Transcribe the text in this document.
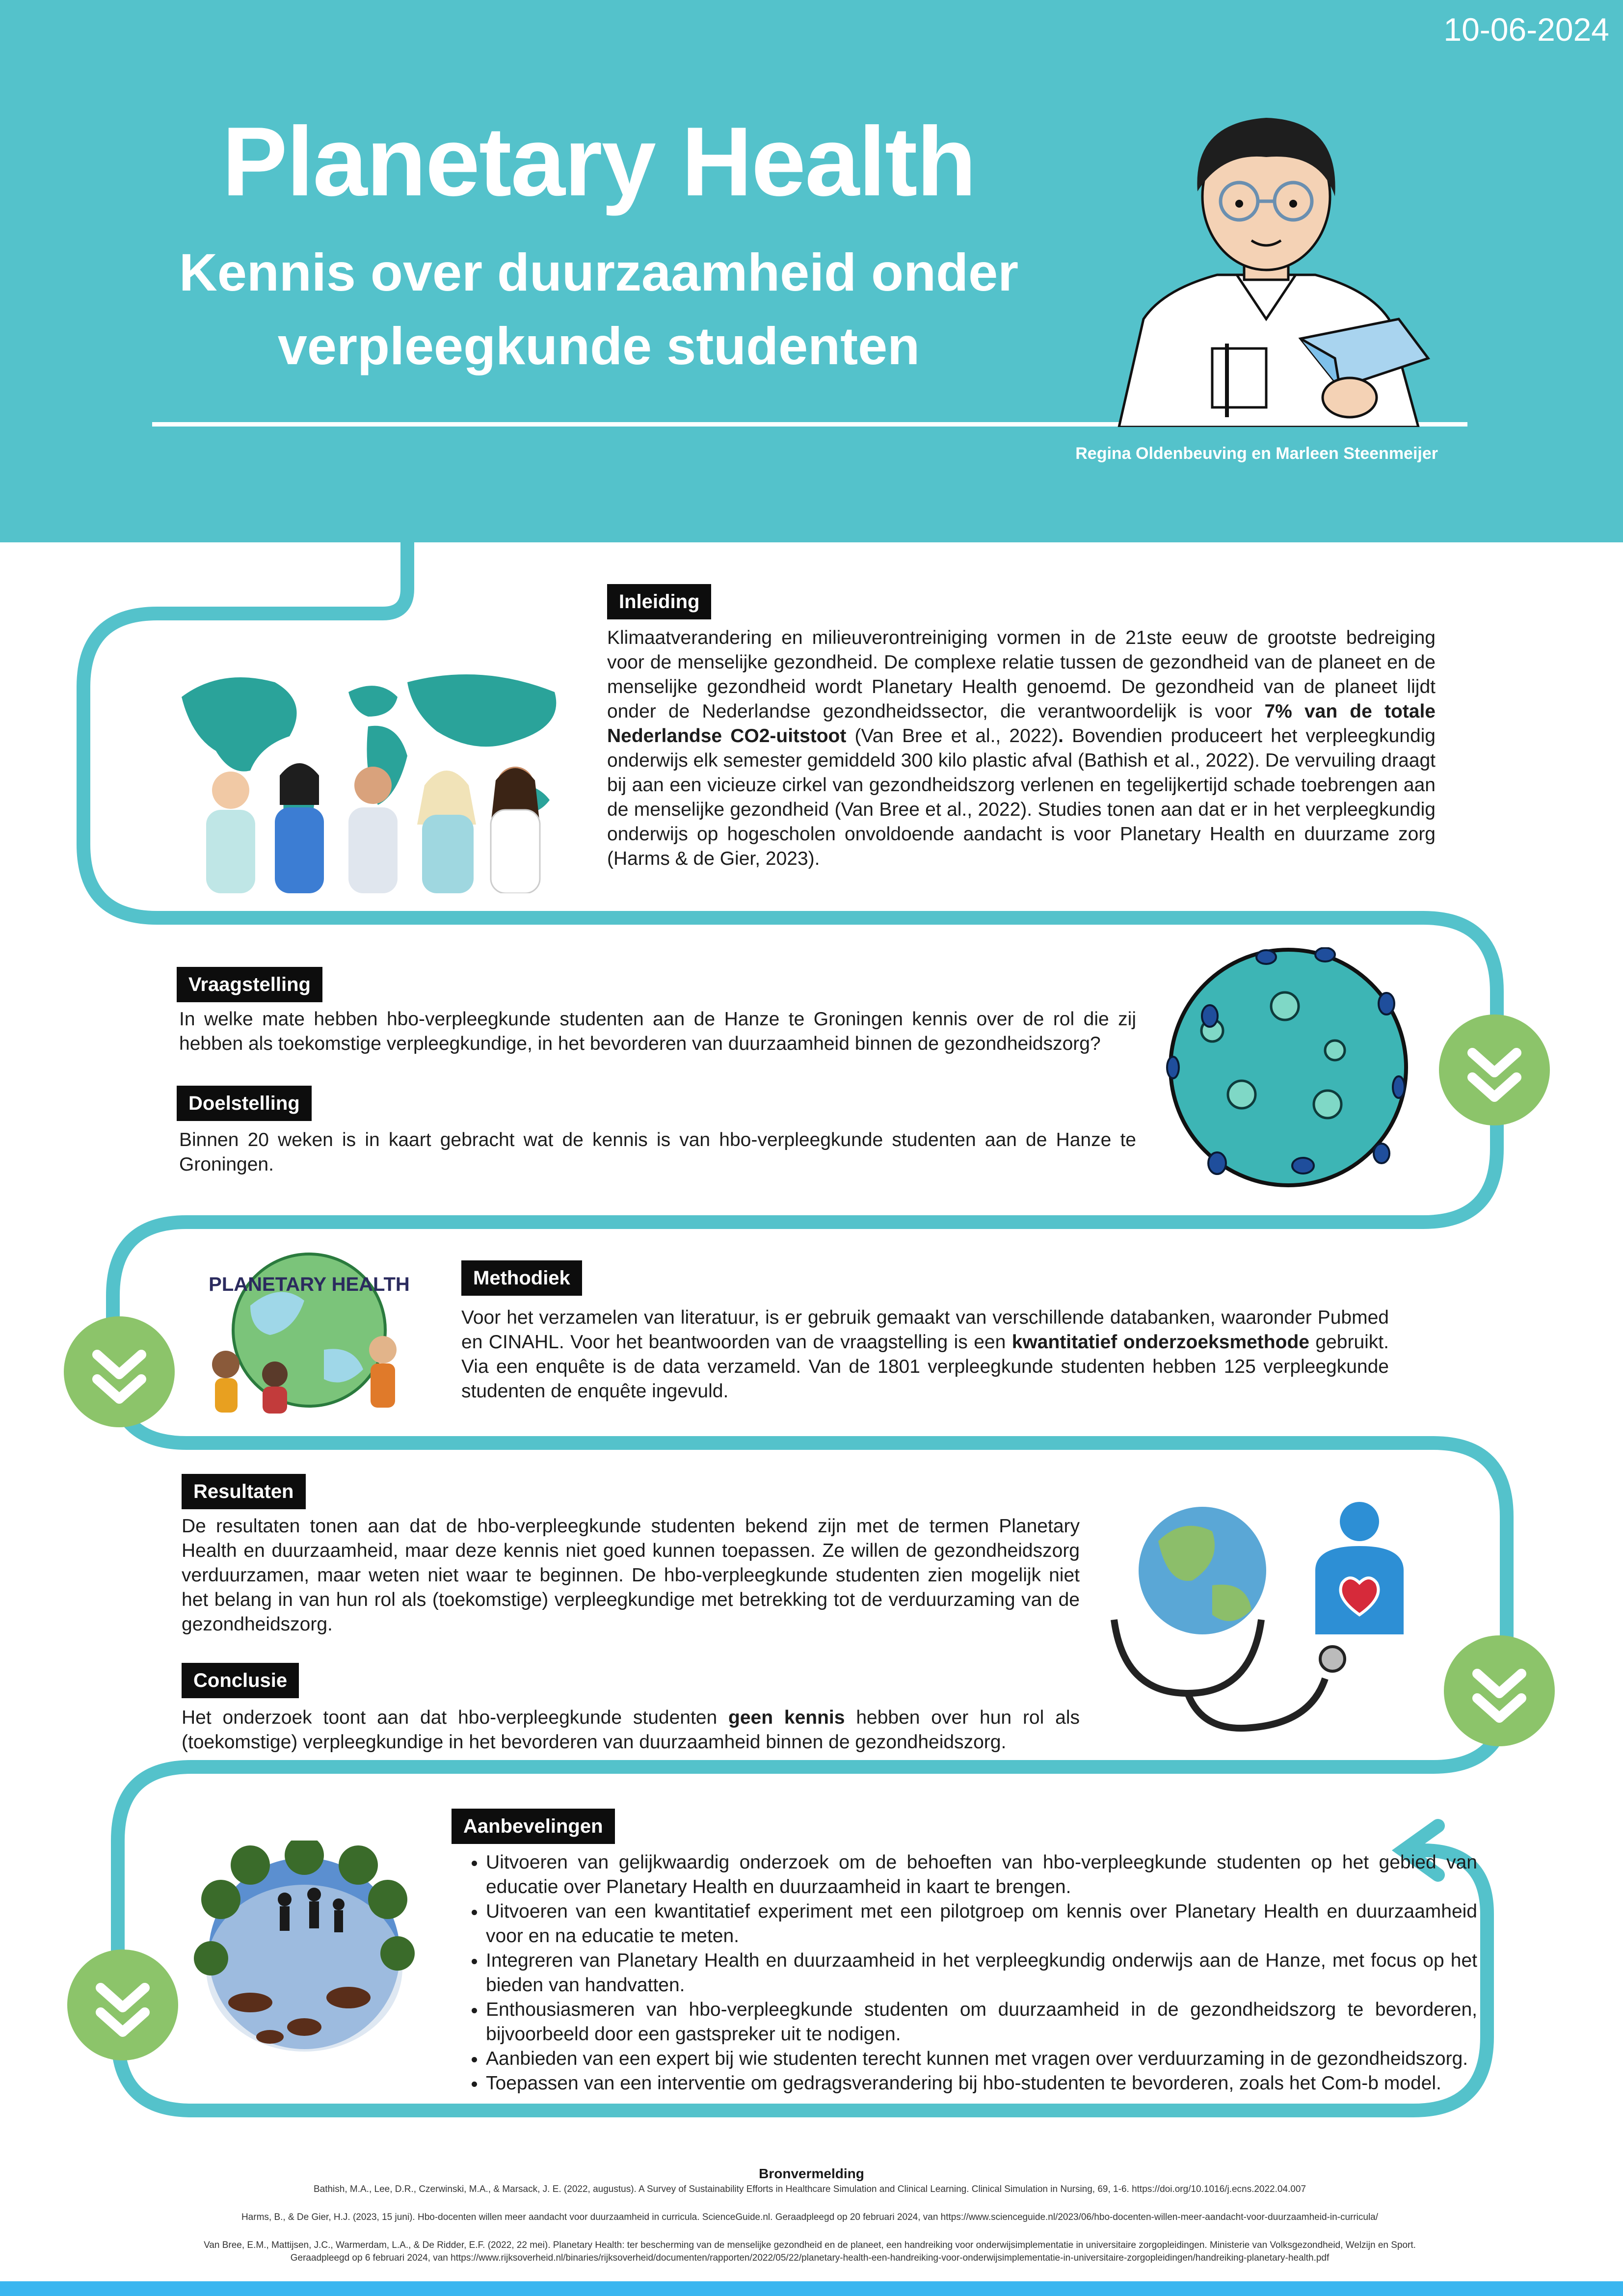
10-06-2024
Planetary Health
Kennis over duurzaamheid onder
verpleegkunde studenten
Regina Oldenbeuving en Marleen Steenmeijer
Inleiding
Klimaatverandering en milieuverontreiniging vormen in de 21ste eeuw de grootste bedreiging voor de menselijke gezondheid. De complexe relatie tussen de gezondheid van de planeet en de menselijke gezondheid wordt Planetary Health genoemd. De gezondheid van de planeet lijdt onder de Nederlandse gezondheidssector, die verantwoordelijk is voor 7% van de totale Nederlandse CO2-uitstoot (Van Bree et al., 2022). Bovendien produceert het verpleegkundig onderwijs elk semester gemiddeld 300 kilo plastic afval (Bathish et al., 2022). De vervuiling draagt bij aan een vicieuze cirkel van gezondheidszorg verlenen en tegelijkertijd schade toebrengen aan de menselijke gezondheid (Van Bree et al., 2022). Studies tonen aan dat er in het verpleegkundig onderwijs op hogescholen onvoldoende aandacht is voor Planetary Health en duurzame zorg (Harms & de Gier, 2023).
Vraagstelling
In welke mate hebben hbo-verpleegkunde studenten aan de Hanze te Groningen kennis over de rol die zij hebben als toekomstige verpleegkundige, in het bevorderen van duurzaamheid binnen de gezondheidszorg?
Doelstelling
Binnen 20 weken is in kaart gebracht wat de kennis is van hbo-verpleegkunde studenten aan de Hanze te Groningen.
PLANETARY HEALTH	Methodiek
Voor het verzamelen van literatuur, is er gebruik gemaakt van verschillende databanken, waaronder Pubmed en CINAHL. Voor het beantwoorden van de vraagstelling is een kwantitatief onderzoeksmethode gebruikt. Via een enquête is de data verzameld. Van de 1801 verpleegkunde studenten hebben 125 verpleegkunde studenten de enquête ingevuld.
Resultaten
De resultaten tonen aan dat de hbo-verpleegkunde studenten bekend zijn met de termen Planetary Health en duurzaamheid, maar deze kennis niet goed kunnen toepassen. Ze willen de gezondheidszorg verduurzamen, maar weten niet waar te beginnen. De hbo-verpleegkunde studenten zien mogelijk niet het belang in van hun rol als (toekomstige) verpleegkundige met betrekking tot de verduurzaming van de gezondheidszorg.
Conclusie
Het onderzoek toont aan dat hbo-verpleegkunde studenten geen kennis hebben over hun rol als (toekomstige) verpleegkundige in het bevorderen van duurzaamheid binnen de gezondheidszorg.
Aanbevelingen
• Uitvoeren van gelijkwaardig onderzoek om de behoeften van hbo-verpleegkunde studenten op het gebied van educatie over Planetary Health en duurzaamheid in kaart te brengen.
• Uitvoeren van een kwantitatief experiment met een pilotgroep om kennis over Planetary Health en duurzaamheid voor en na educatie te meten.
• Integreren van Planetary Health en duurzaamheid in het verpleegkundig onderwijs aan de Hanze, met focus op het bieden van handvatten.
• Enthousiasmeren van hbo-verpleegkunde studenten om duurzaamheid in de gezondheidszorg te bevorderen, bijvoorbeeld door een gastspreker uit te nodigen.
• Aanbieden van een expert bij wie studenten terecht kunnen met vragen over verduurzaming in de gezondheidszorg.
• Toepassen van een interventie om gedragsverandering bij hbo-studenten te bevorderen, zoals het Com-b model.
Bronvermelding
Bathish, M.A., Lee, D.R., Czerwinski, M.A., & Marsack, J. E. (2022, augustus). A Survey of Sustainability Efforts in Healthcare Simulation and Clinical Learning. Clinical Simulation in Nursing, 69, 1-6. https://doi.org/10.1016/j.ecns.2022.04.007
Harms, B., & De Gier, H.J. (2023, 15 juni). Hbo-docenten willen meer aandacht voor duurzaamheid in curricula. ScienceGuide.nl. Geraadpleegd op 20 februari 2024, van https://www.scienceguide.nl/2023/06/hbo-docenten-willen-meer-aandacht-voor-duurzaamheid-in-curricula/
Van Bree, E.M., Mattijsen, J.C., Warmerdam, L.A., & De Ridder, E.F. (2022, 22 mei). Planetary Health: ter bescherming van de menselijke gezondheid en de planeet, een handreiking voor onderwijsimplementatie in universitaire zorgopleidingen. Ministerie van Volksgezondheid, Welzijn en Sport.
Geraadpleegd op 6 februari 2024, van https://www.rijksoverheid.nl/binaries/rijksoverheid/documenten/rapporten/2022/05/22/planetary-health-een-handreiking-voor-onderwijsimplementatie-in-universitaire-zorgopleidingen/handreiking-planetary-health.pdf
